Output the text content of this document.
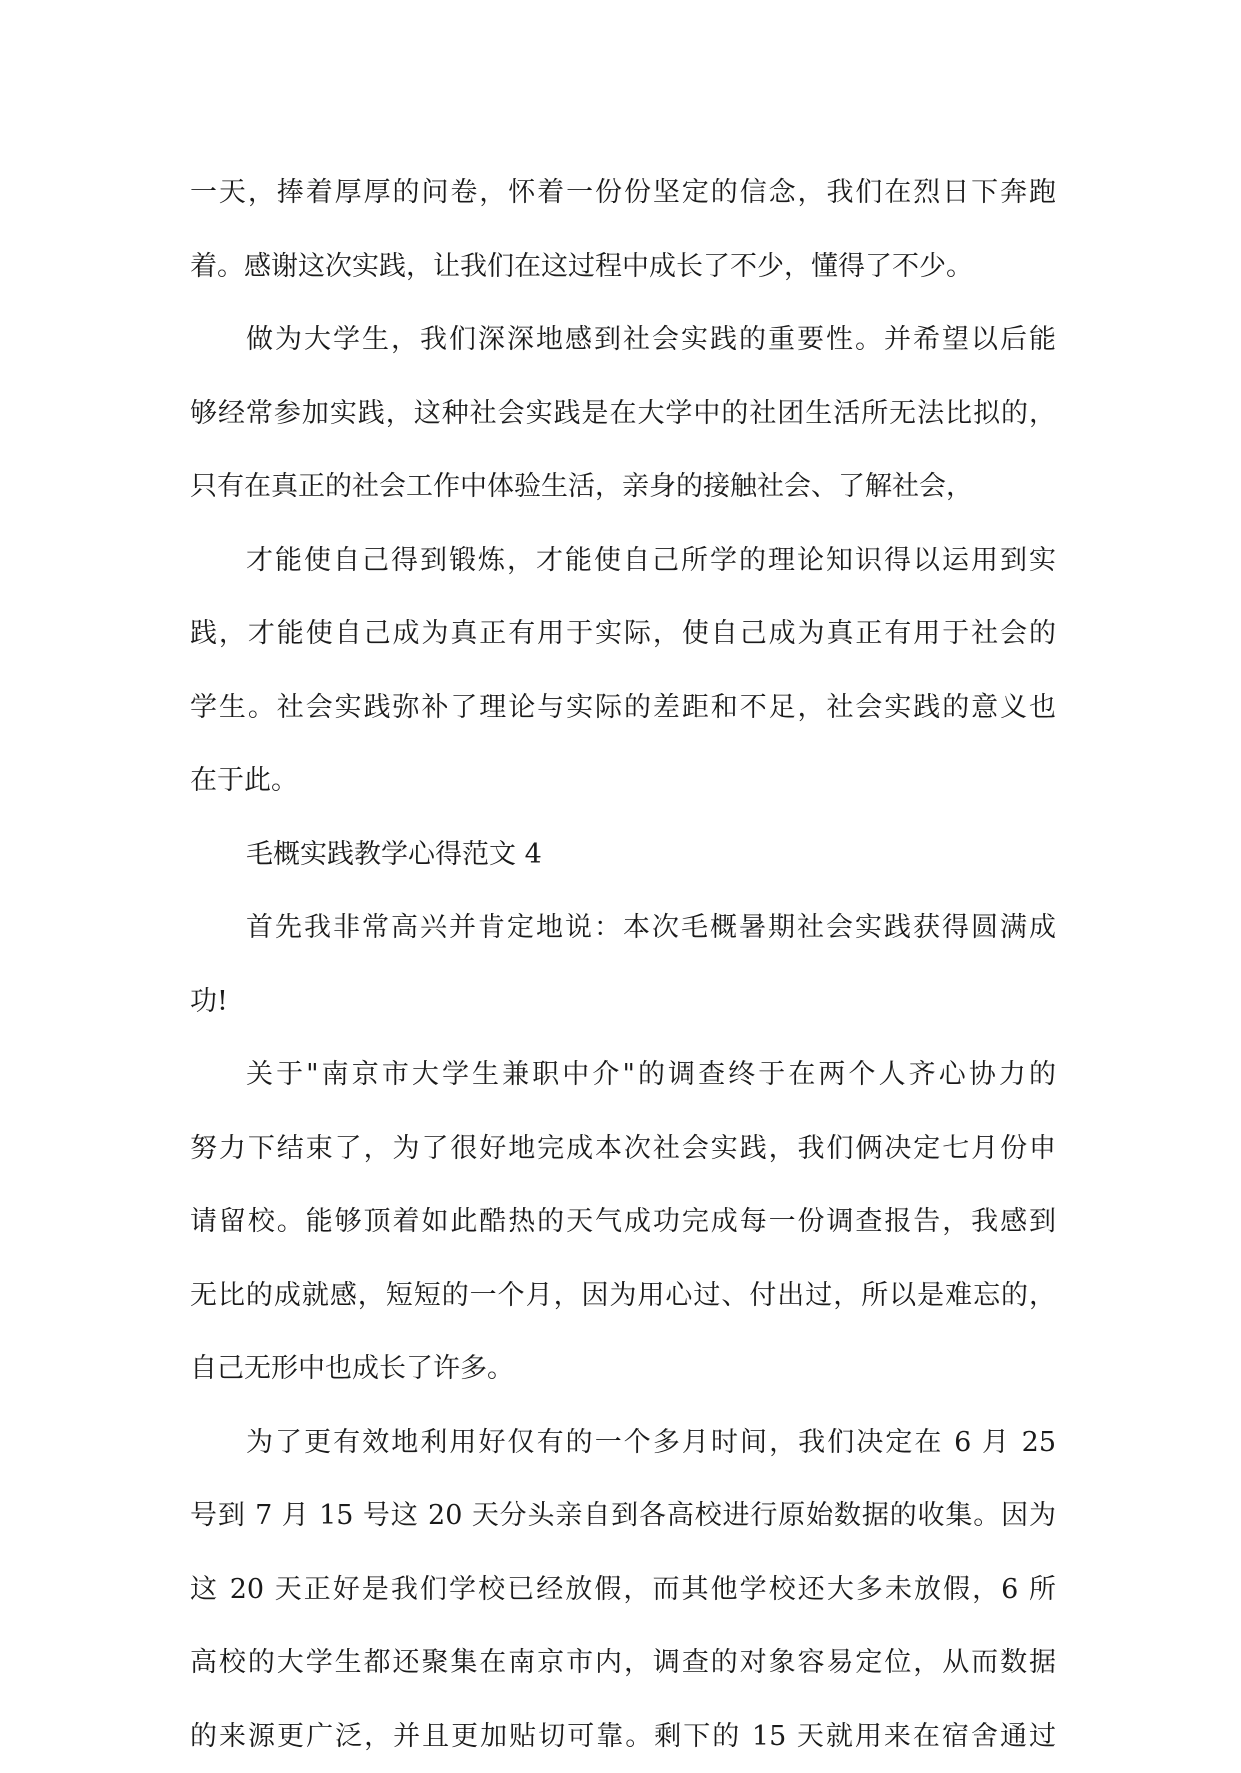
一天，捧着厚厚的问卷，怀着一份份坚定的信念，我们在烈日下奔跑
着。感谢这次实践，让我们在这过程中成长了不少，懂得了不少。
做为大学生，我们深深地感到社会实践的重要性。并希望以后能
够经常参加实践，这种社会实践是在大学中的社团生活所无法比拟的，
只有在真正的社会工作中体验生活，亲身的接触社会、了解社会，
才能使自己得到锻炼，才能使自己所学的理论知识得以运用到实
践，才能使自己成为真正有用于实际，使自己成为真正有用于社会的
学生。社会实践弥补了理论与实际的差距和不足，社会实践的意义也
在于此。
毛概实践教学心得范文 4
首先我非常高兴并肯定地说：本次毛概暑期社会实践获得圆满成
功!
关于"南京市大学生兼职中介"的调查终于在两个人齐心协力的
努力下结束了，为了很好地完成本次社会实践，我们俩决定七月份申
请留校。能够顶着如此酷热的天气成功完成每一份调查报告，我感到
无比的成就感，短短的一个月，因为用心过、付出过，所以是难忘的，
自己无形中也成长了许多。
为了更有效地利用好仅有的一个多月时间，我们决定在 6 月 25
号到 7 月 15 号这 20 天分头亲自到各高校进行原始数据的收集。因为
这 20 天正好是我们学校已经放假，而其他学校还大多未放假，6 所
高校的大学生都还聚集在南京市内，调查的对象容易定位，从而数据
的来源更广泛，并且更加贴切可靠。剩下的 15 天就用来在宿舍通过
